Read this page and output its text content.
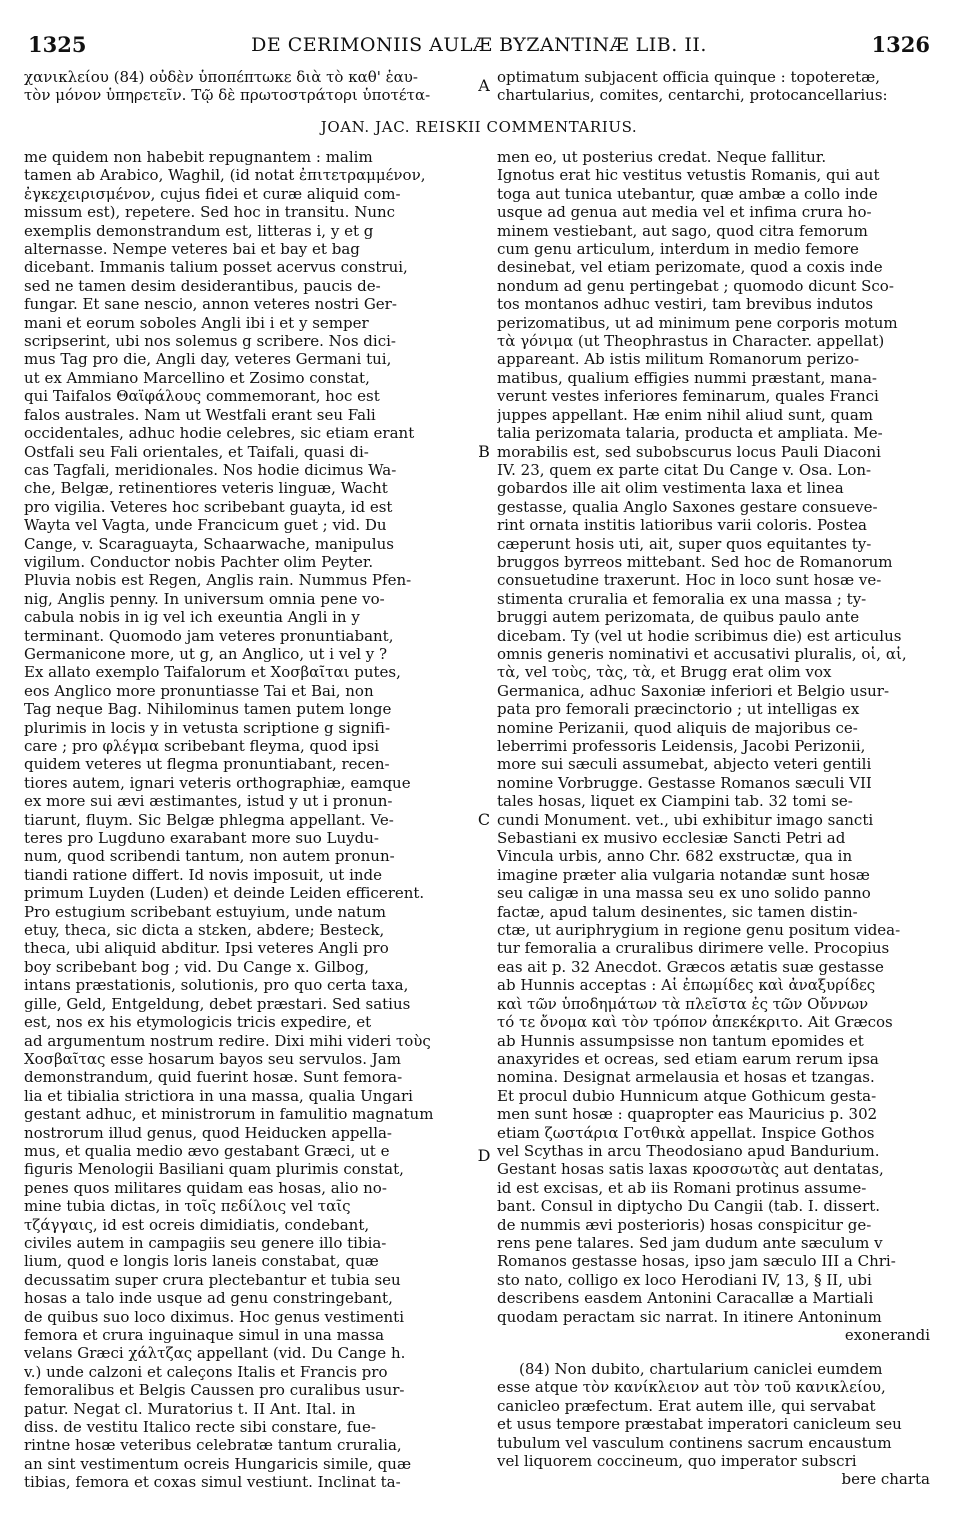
1325	DE CERIMONIIS AULÆ BYZANTINÆ LIB. II.	1326
χανικλείου (84) οὐδὲν ὑποπέπτωκε διὰ τὸ καθ' ἑαυ-
τὸν μόνον ὑπηρετεῖν. Τῷ δὲ πρωτοστράτορι ὑποτέτα-
optimatum subjacent officia quinque : topoteretæ,
chartularius, comites, centarchi, protocancellarius:
JOAN. JAC. REISKII COMMENTARIUS.
me quidem non habebit repugnantem : malim
tamen ab Arabico, Waghil, (id notat ἐπιτετραμμένον,
ἐγκεχειρισμένον, cujus fidei et curæ aliquid com-
missum est), repetere. Sed hoc in transitu. Nunc
exemplis demonstrandum est, litteras i, y et g
alternasse. Nempe veteres bai et bay et bag
dicebant. Immanis talium posset acervus construi,
sed ne tamen desim desiderantibus, paucis de-
fungar. Et sane nescio, annon veteres nostri Ger-
mani et eorum soboles Angli ibi i et y semper
scripserint, ubi nos solemus g scribere. Nos dici-
mus Tag pro die, Angli day, veteres Germani tui,
ut ex Ammiano Marcellino et Zosimo constat,
qui Taifalos Θαϊφάλους commemorant, hoc est
falos australes. Nam ut Westfali erant seu Fali
occidentales, adhuc hodie celebres, sic etiam erant
Ostfali seu Fali orientales, et Taifali, quasi di-
cas Tagfali, meridionales. Nos hodie dicimus Wa-
che, Belgæ, retinentiores veteris linguæ, Wacht
pro vigilia. Veteres hoc scribebant guayta, id est
Wayta vel Vagta, unde Francicum guet ; vid. Du
Cange, v. Scaraguayta, Schaarwache, manipulus
vigilum. Conductor nobis Pachter olim Peyter.
Pluvia nobis est Regen, Anglis rain. Nummus Pfen-
nig, Anglis penny. In universum omnia pene vo-
cabula nobis in ig vel ich exeuntia Angli in y
terminant. Quomodo jam veteres pronuntiabant,
Germanicone more, ut g, an Anglico, ut i vel y ?
Ex allato exemplo Taifalorum et Χοσβαῖται putes,
eos Anglico more pronuntiasse Tai et Bai, non
Tag neque Bag. Nihilominus tamen putem longe
plurimis in locis y in vetusta scriptione g signifi-
care ; pro φλέγμα scribebant fleyma, quod ipsi
quidem veteres ut flegma pronuntiabant, recen-
tiores autem, ignari veteris orthographiæ, eamque
ex more sui ævi æstimantes, istud y ut i pronun-
tiarunt, fluym. Sic Belgæ phlegma appellant. Ve-
teres pro Lugduno exarabant more suo Luydu-
num, quod scribendi tantum, non autem pronun-
tiandi ratione differt. Id novis imposuit, ut inde
primum Luyden (Luden) et deinde Leiden efficerent.
Pro estugium scribebant estuyium, unde natum
etuy, theca, sic dicta a stɛken, abdere; Besteck,
theca, ubi aliquid abditur. Ipsi veteres Angli pro
boy scribebant bog ; vid. Du Cange x. Gilbog,
intans præstationis, solutionis, pro quo certa taxa,
gille, Geld, Entgeldung, debet præstari. Sed satius
est, nos ex his etymologicis tricis expedire, et
ad argumentum nostrum redire. Dixi mihi videri τοὺς
Χοσβαῖτας esse hosarum bayos seu servulos. Jam
demonstrandum, quid fuerint hosæ. Sunt femora-
lia et tibialia strictiora in una massa, qualia Ungari
gestant adhuc, et ministrorum in famulitio magnatum
nostrorum illud genus, quod Heiducken appella-
mus, et qualia medio ævo gestabant Græci, ut e
figuris Menologii Basiliani quam plurimis constat,
penes quos militares quidam eas hosas, alio no-
mine tubia dictas, in τοῖς πεδίλοις vel ταῖς
τζάγγαις, id est ocreis dimidiatis, condebant,
civiles autem in campagiis seu genere illo tibia-
lium, quod e longis loris laneis constabat, quæ
decussatim super crura plectebantur et tubia seu
hosas a talo inde usque ad genu constringebant,
de quibus suo loco diximus. Hoc genus vestimenti
femora et crura inguinaque simul in una massa
velans Græci χάλτζας appellant (vid. Du Cange h.
v.) unde calzoni et caleçons Italis et Francis pro
femoralibus et Belgis Caussen pro curalibus usur-
patur. Negat cl. Muratorius t. II Ant. Ital. in
diss. de vestitu Italico recte sibi constare, fue-
rintne hosæ veteribus celebratæ tantum cruralia,
an sint vestimentum ocreis Hungaricis simile, quæ
tibias, femora et coxas simul vestiunt. Inclinat ta-
men eo, ut posterius credat. Neque fallitur.
Ignotus erat hic vestitus vetustis Romanis, qui aut
toga aut tunica utebantur, quæ ambæ a collo inde
usque ad genua aut media vel et infima crura ho-
minem vestiebant, aut sago, quod citra femorum
cum genu articulum, interdum in medio femore
desinebat, vel etiam perizomate, quod a coxis inde
nondum ad genu pertingebat ; quomodo dicunt Sco-
tos montanos adhuc vestiri, tam brevibus indutos
perizomatibus, ut ad minimum pene corporis motum
τὰ γόνιμα (ut Theophrastus in Character. appellat)
appareant. Ab istis militum Romanorum perizo-
matibus, qualium effigies nummi præstant, mana-
verunt vestes inferiores feminarum, quales Franci
juppes appellant. Hæ enim nihil aliud sunt, quam
talia perizomata talaria, producta et ampliata. Me-
morabilis est, sed subobscurus locus Pauli Diaconi
IV. 23, quem ex parte citat Du Cange v. Osa. Lon-
gobardos ille ait olim vestimenta laxa et linea
gestasse, qualia Anglo Saxones gestare consueve-
rint ornata institis latioribus varii coloris. Postea
cæperunt hosis uti, ait, super quos equitantes ty-
bruggos byrreos mittebant. Sed hoc de Romanorum
consuetudine traxerunt. Hoc in loco sunt hosæ ve-
stimenta cruralia et femoralia ex una massa ; ty-
bruggi autem perizomata, de quibus paulo ante
dicebam. Ty (vel ut hodie scribimus die) est articulus
omnis generis nominativi et accusativi pluralis, οἱ, αἱ,
τὰ, vel τοὺς, τὰς, τὰ, et Brugg erat olim vox
Germanica, adhuc Saxoniæ inferiori et Belgio usur-
pata pro femorali præcinctorio ; ut intelligas ex
nomine Perizanii, quod aliquis de majoribus ce-
leberrimi professoris Leidensis, Jacobi Perizonii,
more sui sæculi assumebat, abjecto veteri gentili
nomine Vorbrugge. Gestasse Romanos sæculi VII
tales hosas, liquet ex Ciampini tab. 32 tomi se-
cundi Monument. vet., ubi exhibitur imago sancti
Sebastiani ex musivo ecclesiæ Sancti Petri ad
Vincula urbis, anno Chr. 682 exstructæ, qua in
imagine præter alia vulgaria notandæ sunt hosæ
seu caligæ in una massa seu ex uno solido panno
factæ, apud talum desinentes, sic tamen distin-
ctæ, ut auriphrygium in regione genu positum videa-
tur femoralia a cruralibus dirimere velle. Procopius
eas ait p. 32 Anecdot. Græcos ætatis suæ gestasse
ab Hunnis acceptas : Αἱ ἐπωμίδες καὶ ἀναξυρίδες
καὶ τῶν ὑποδημάτων τὰ πλεῖστα ἐς τῶν Οὔννων
τό τε ὄνομα καὶ τὸν τρόπον ἀπεκέκριτο. Ait Græcos
ab Hunnis assumpsisse non tantum epomides et
anaxyrides et ocreas, sed etiam earum rerum ipsa
nomina. Designat armelausia et hosas et tzangas.
Et procul dubio Hunnicum atque Gothicum gesta-
men sunt hosæ : quapropter eas Mauricius p. 302
etiam ζωστάρια Γοτθικὰ appellat. Inspice Gothos
vel Scythas in arcu Theodosiano apud Bandurium.
Gestant hosas satis laxas κροσσωτὰς aut dentatas,
id est excisas, et ab iis Romani protinus assume-
bant. Consul in diptycho Du Cangii (tab. I. dissert.
de nummis ævi posterioris) hosas conspicitur ge-
rens pene talares. Sed jam dudum ante sæculum v
Romanos gestasse hosas, ipso jam sæculo III a Chri-
sto nato, colligo ex loco Herodiani IV, 13, § II, ubi
describens easdem Antonini Caracallæ a Martiali
quodam peractam sic narrat. In itinere Antoninum
exonerandi
(84) Non dubito, chartularium canicleі eumdem
esse atque τὸν κανίκλειον aut τὸν τοῦ κανικλείου,
canicleo præfectum. Erat autem ille, qui servabat
et usus tempore præstabat imperatori canicleum seu
tubulum vel vasculum continens sacrum encaustum
vel liquorem coccineum, quo imperator subscri
bere charta
A
B
C
D
